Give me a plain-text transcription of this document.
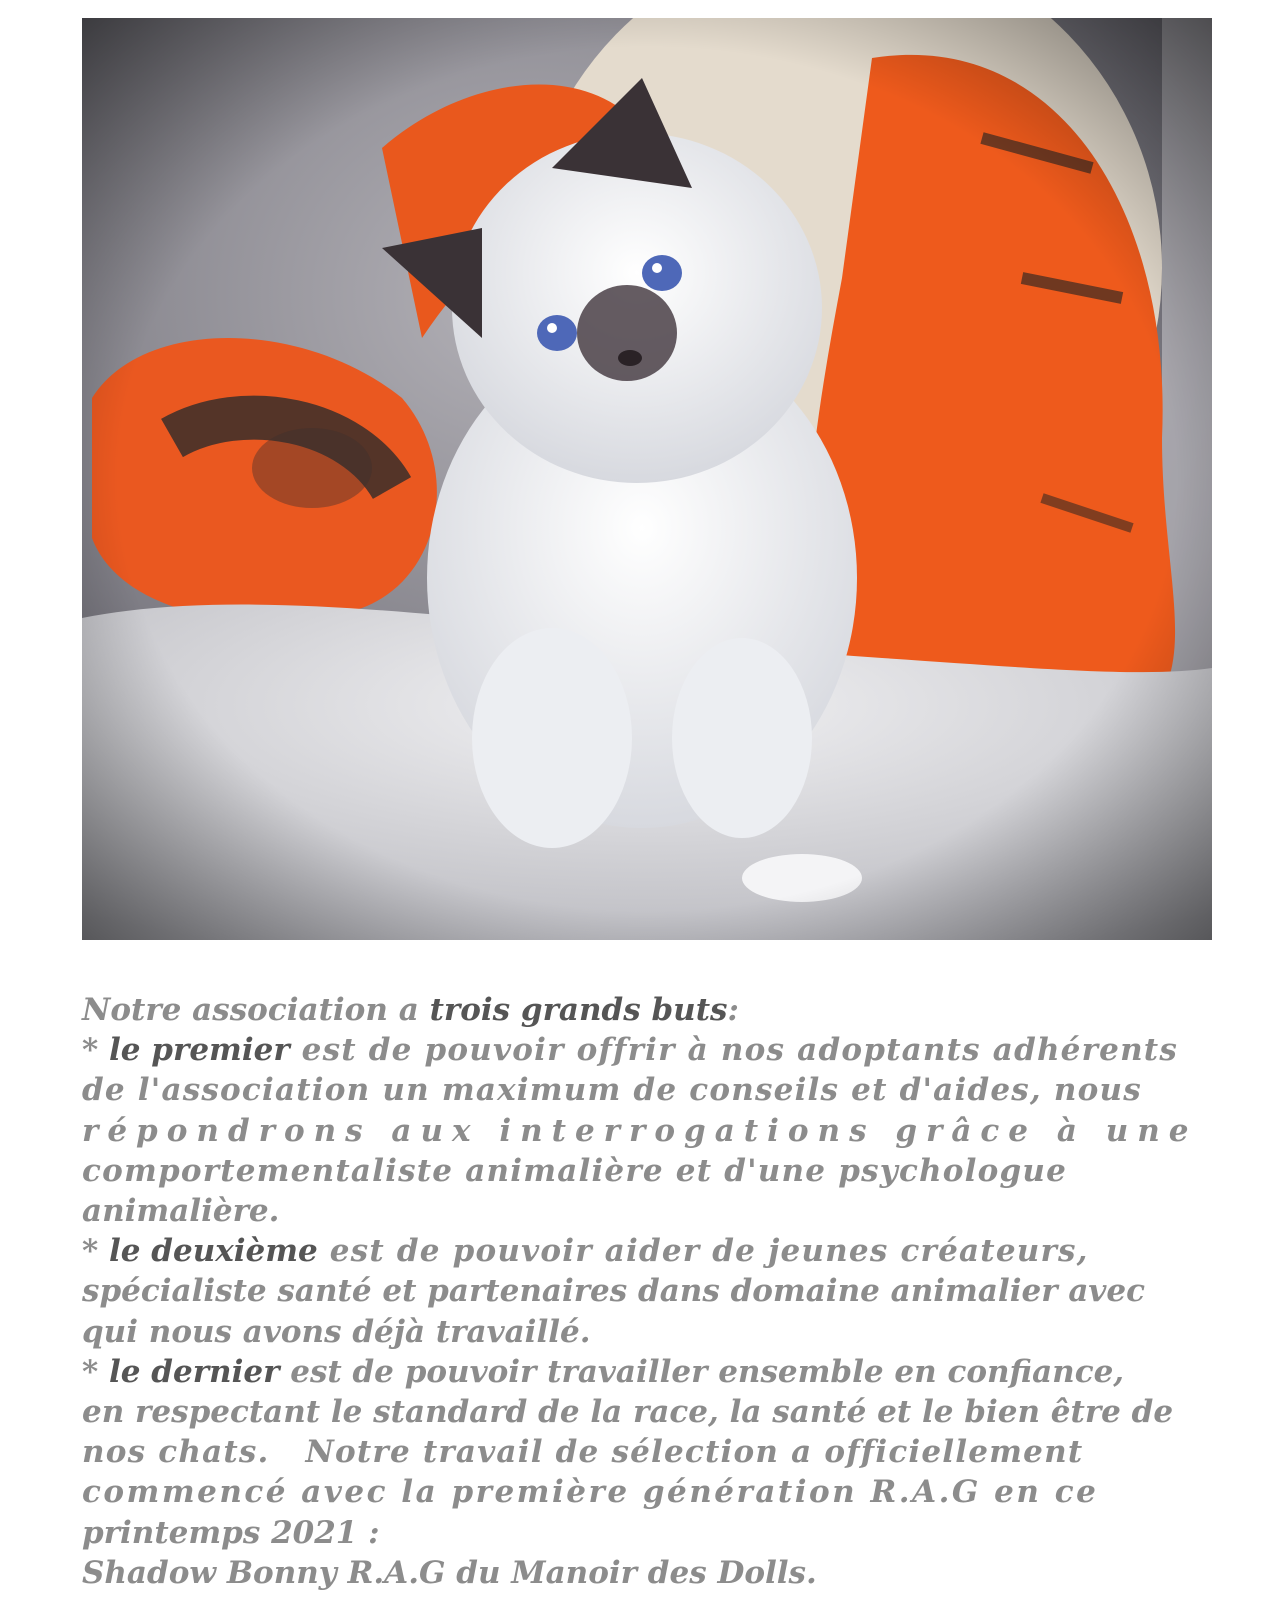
Notre association a trois grands buts:
* le premier est de pouvoir offrir à nos adoptants adhérents
de l'association un maximum de conseils et d'aides, nous
répondrons aux interrogations grâce à une
comportementaliste animalière et d'une psychologue
animalière.
* le deuxième est de pouvoir aider de jeunes créateurs,
spécialiste santé et partenaires dans domaine animalier avec
qui nous avons déjà travaillé.
* le dernier est de pouvoir travailler ensemble en confiance,
en respectant le standard de la race, la santé et le bien être de
nos chats.   Notre travail de sélection a officiellement
commencé avec la première génération R.A.G en ce
printemps 2021 :
Shadow Bonny R.A.G du Manoir des Dolls.
